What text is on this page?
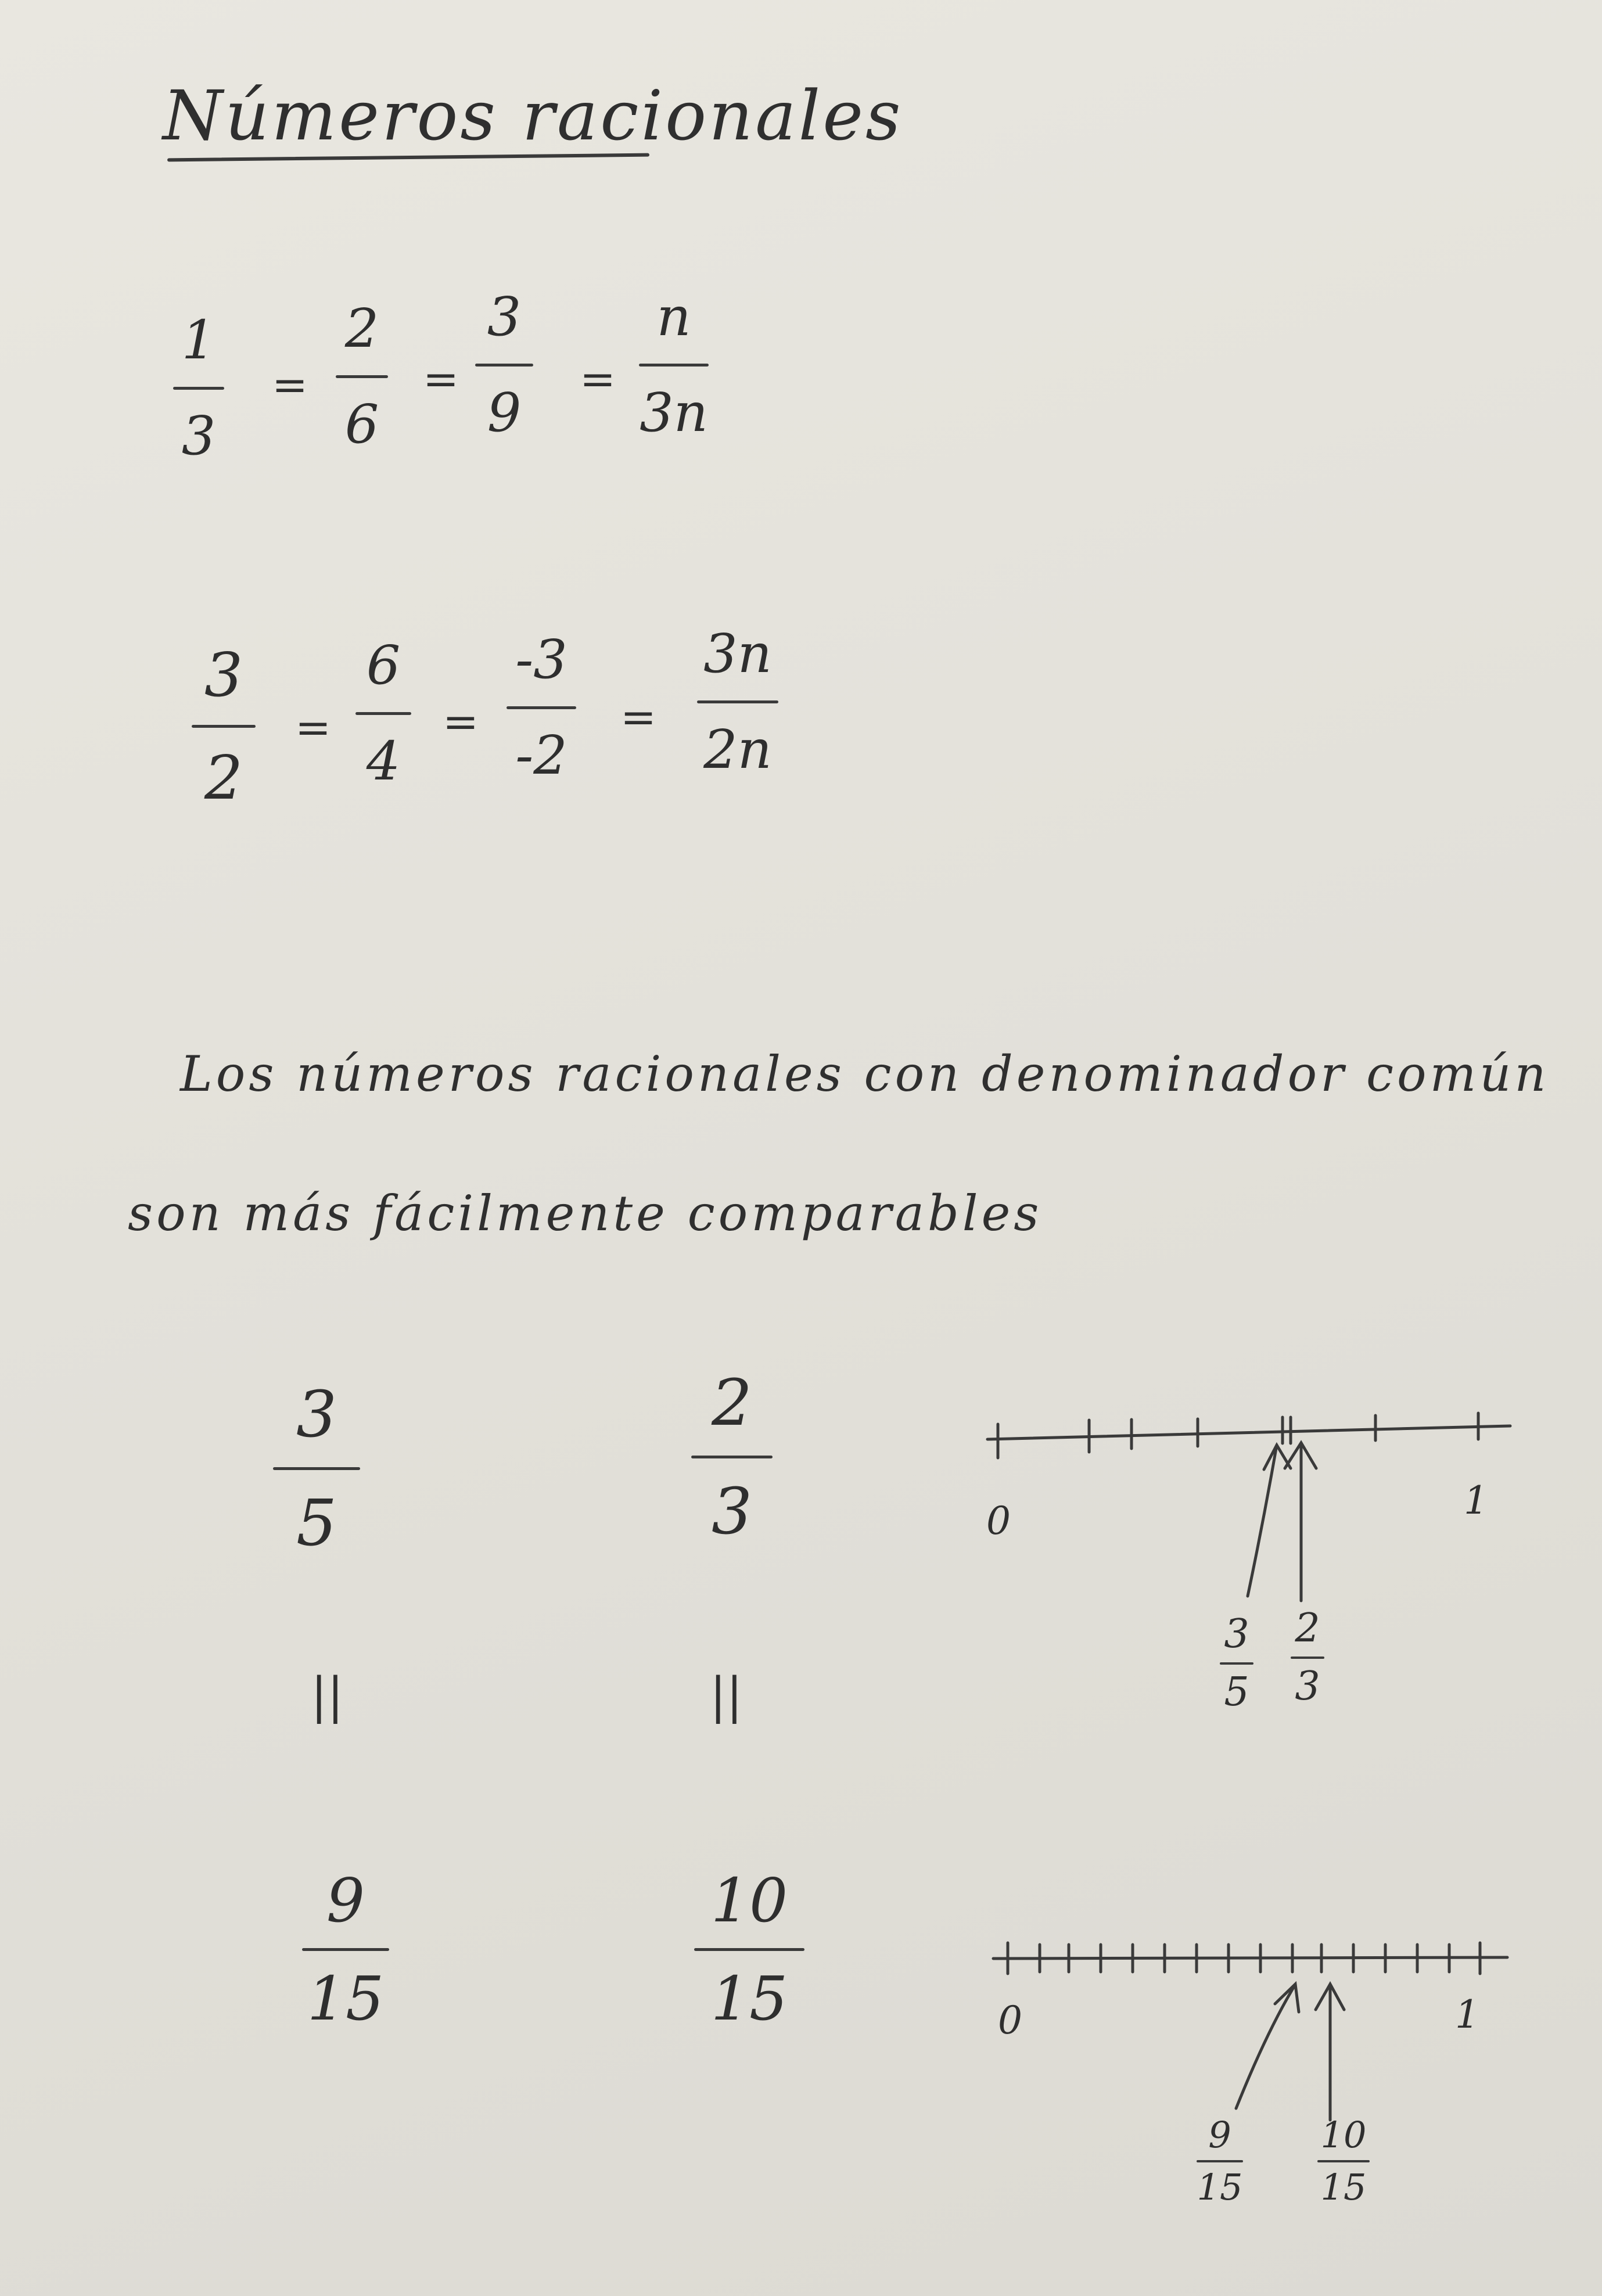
Números racionales
1
3
=
2
6
=
3
9
=
n
3n
3
2
=
6
4
=
-3
-2
=
3n
2n
Los números racionales con denominador común
son más fácilmente comparables
3
5
2
3
||	||
9
15
10
15
0	1
3
5
2
3
0	1
9
15
10
15
